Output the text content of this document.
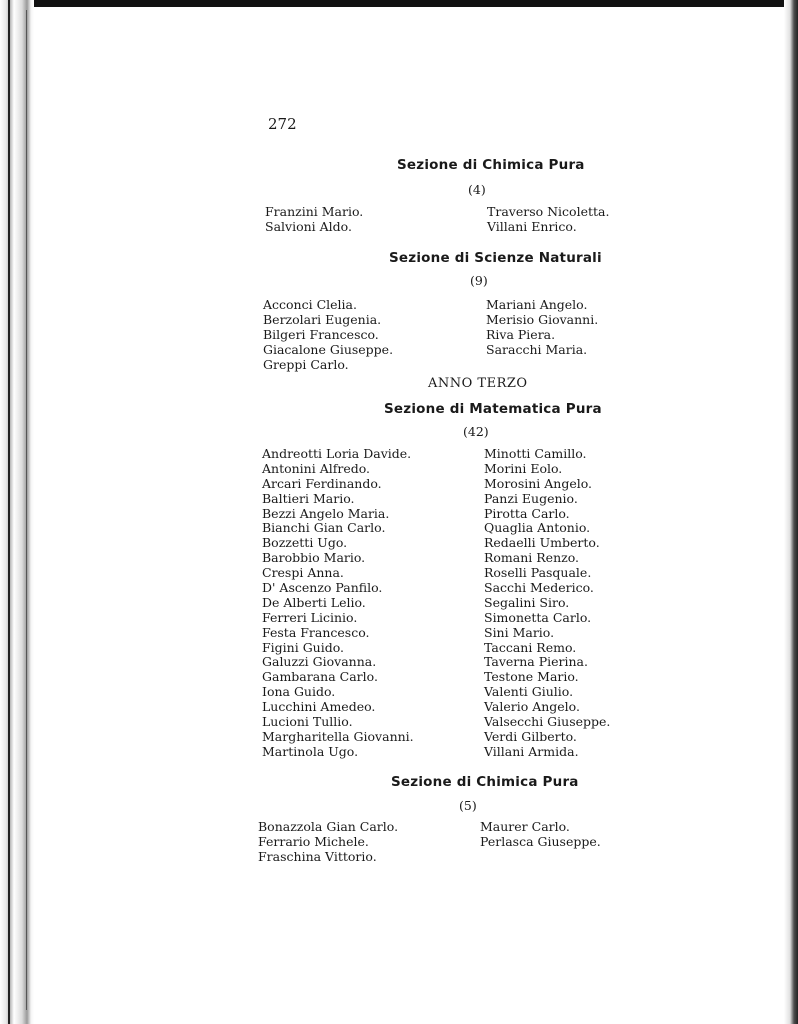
272
Sezione di Chimica Pura
(4)
Franzini Mario.
Salvioni Aldo.
Traverso Nicoletta.
Villani Enrico.
Sezione di Scienze Naturali
(9)
Acconci Clelia.
Berzolari Eugenia.
Bilgeri Francesco.
Giacalone Giuseppe.
Greppi Carlo.
Mariani Angelo.
Merisio Giovanni.
Riva Piera.
Saracchi Maria.
ANNO TERZO
Sezione di Matematica Pura
(42)
Andreotti Loria Davide.
Antonini Alfredo.
Arcari Ferdinando.
Baltieri Mario.
Bezzi Angelo Maria.
Bianchi Gian Carlo.
Bozzetti Ugo.
Barobbio Mario.
Crespi Anna.
D' Ascenzo Panfilo.
De Alberti Lelio.
Ferreri Licinio.
Festa Francesco.
Figini Guido.
Galuzzi Giovanna.
Gambarana Carlo.
Iona Guido.
Lucchini Amedeo.
Lucioni Tullio.
Margharitella Giovanni.
Martinola Ugo.
Minotti Camillo.
Morini Eolo.
Morosini Angelo.
Panzi Eugenio.
Pirotta Carlo.
Quaglia Antonio.
Redaelli Umberto.
Romani Renzo.
Roselli Pasquale.
Sacchi Mederico.
Segalini Siro.
Simonetta Carlo.
Sini Mario.
Taccani Remo.
Taverna Pierina.
Testone Mario.
Valenti Giulio.
Valerio Angelo.
Valsecchi Giuseppe.
Verdi Gilberto.
Villani Armida.
Sezione di Chimica Pura
(5)
Bonazzola Gian Carlo.
Ferrario Michele.
Fraschina Vittorio.
Maurer Carlo.
Perlasca Giuseppe.
